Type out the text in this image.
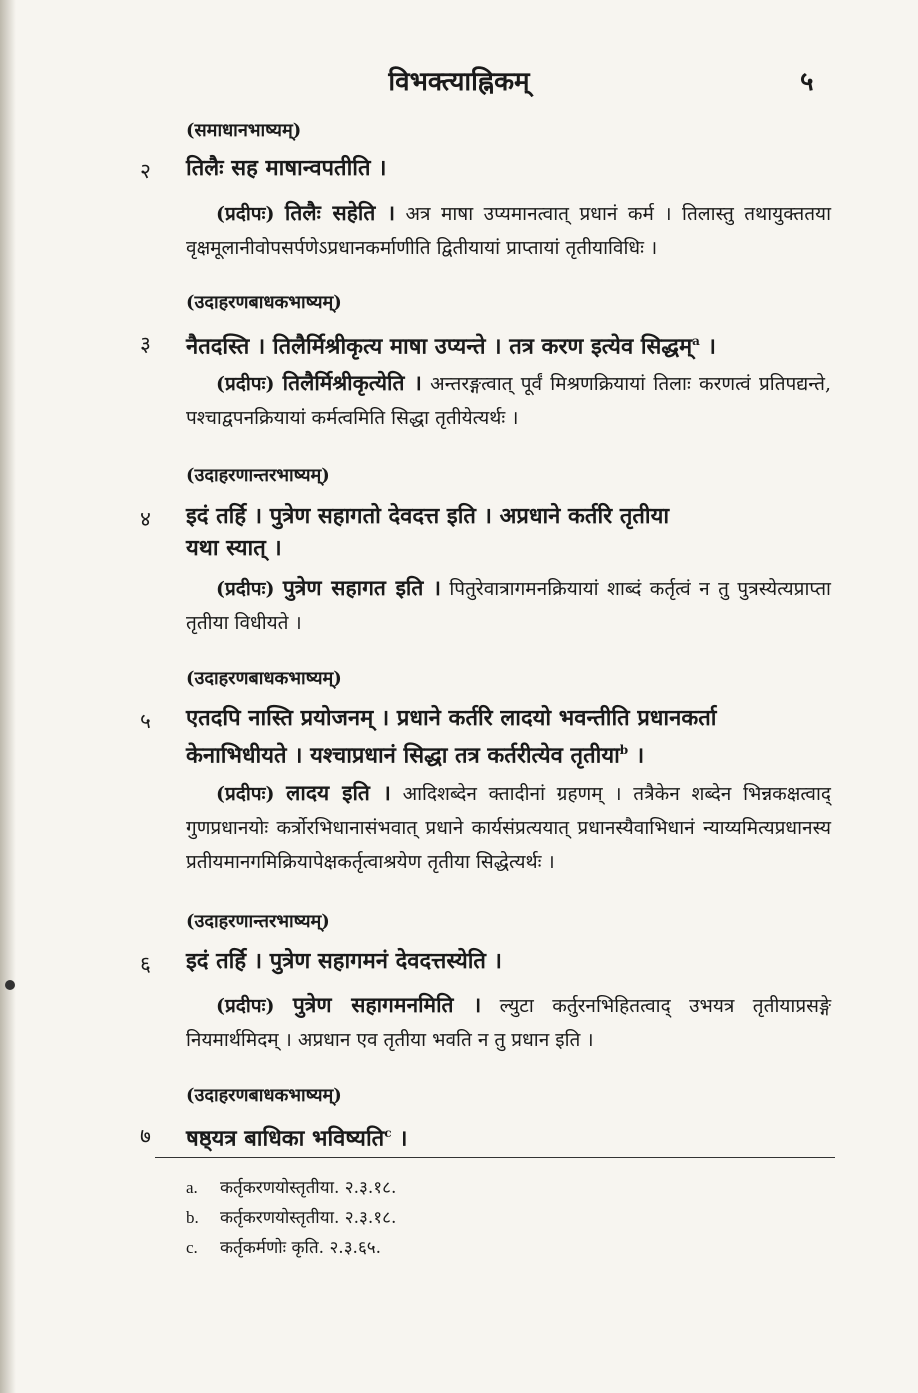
विभक्त्याह्निकम्	५
(समाधानभाष्यम्)
२ तिलैः सह माषान्वपतीति ।
(प्रदीपः) तिलैः सहेति । अत्र माषा उप्यमानत्वात् प्रधानं कर्म । तिलास्तु तथायुक्ततया वृक्षमूलानीवोपसर्पणेऽप्रधानकर्माणीति द्वितीयायां प्राप्तायां तृतीयाविधिः ।
(उदाहरणबाधकभाष्यम्)
३ नैतदस्ति । तिलैर्मिश्रीकृत्य माषा उप्यन्ते । तत्र करण इत्येव सिद्धम्$^a$ ।
(प्रदीपः) तिलैर्मिश्रीकृत्येति । अन्तरङ्गत्वात् पूर्वं मिश्रणक्रियायां तिलाः करणत्वं प्रतिपद्यन्ते, पश्चाद्वपनक्रियायां कर्मत्वमिति सिद्धा तृतीयेत्यर्थः ।
(उदाहरणान्तरभाष्यम्)
४ इदं तर्हि । पुत्रेण सहागतो देवदत्त इति । अप्रधाने कर्तरि तृतीया
यथा स्यात् ।
(प्रदीपः) पुत्रेण सहागत इति । पितुरेवात्रागमनक्रियायां शाब्दं कर्तृत्वं न तु पुत्रस्येत्यप्राप्ता तृतीया विधीयते ।
(उदाहरणबाधकभाष्यम्)
५ एतदपि नास्ति प्रयोजनम् । प्रधाने कर्तरि लादयो भवन्तीति प्रधानकर्ता
केनाभिधीयते । यश्चाप्रधानं सिद्धा तत्र कर्तरीत्येव तृतीया$^b$ ।
(प्रदीपः) लादय इति । आदिशब्देन क्तादीनां ग्रहणम् । तत्रैकेन शब्देन भिन्नकक्षत्वाद् गुणप्रधानयोः कर्त्रोरभिधानासंभवात् प्रधाने कार्यसंप्रत्ययात् प्रधानस्यैवाभिधानं न्याय्यमित्यप्रधानस्य प्रतीयमानगमिक्रियापेक्षकर्तृत्वाश्रयेण तृतीया सिद्धेत्यर्थः ।
(उदाहरणान्तरभाष्यम्)
६ इदं तर्हि । पुत्रेण सहागमनं देवदत्तस्येति ।
(प्रदीपः) पुत्रेण सहागमनमिति । ल्युटा कर्तुरनभिहितत्वाद् उभयत्र तृतीयाप्रसङ्गे नियमार्थमिदम् । अप्रधान एव तृतीया भवति न तु प्रधान इति ।
(उदाहरणबाधकभाष्यम्)
७ षष्ठ्यत्र बाधिका भविष्यति$^c$ ।
a. कर्तृकरणयोस्तृतीया. २.३.१८.
b. कर्तृकरणयोस्तृतीया. २.३.१८.
c. कर्तृकर्मणोः कृति. २.३.६५.
